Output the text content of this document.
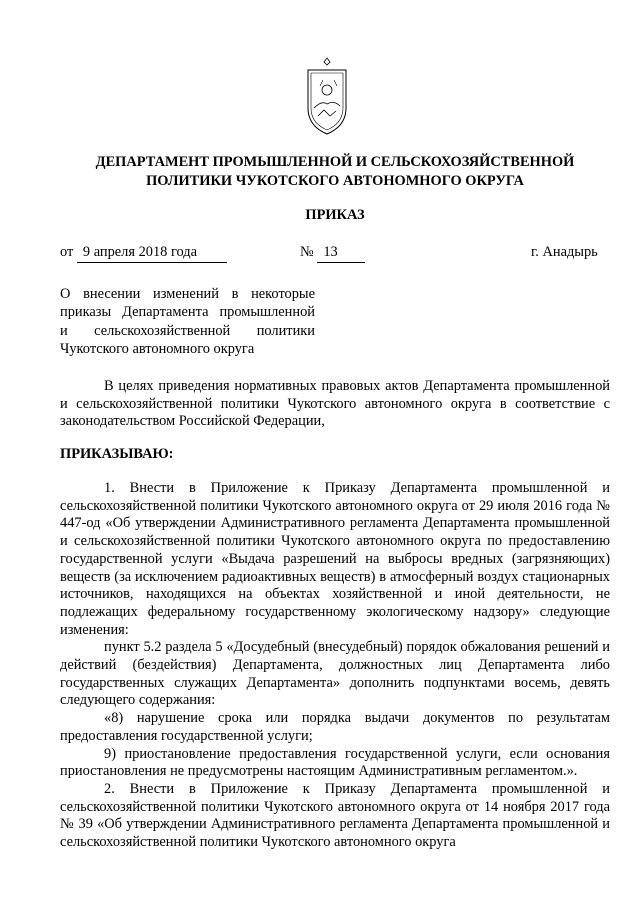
ДЕПАРТАМЕНТ ПРОМЫШЛЕННОЙ И СЕЛЬСКОХОЗЯЙСТВЕННОЙ
ПОЛИТИКИ ЧУКОТСКОГО АВТОНОМНОГО ОКРУГА
ПРИКАЗ
от 9 апреля 2018 года	№ 13	г. Анадырь
О внесении изменений в некоторые
приказы Департамента промышленной
и сельскохозяйственной политики
Чукотского автономного округа

В целях приведения нормативных правовых актов Департамента промышленной и сельскохозяйственной политики Чукотского автономного округа в соответствие с законодательством Российской Федерации,

ПРИКАЗЫВАЮ:

1. Внести в Приложение к Приказу Департамента промышленной и сельскохозяйственной политики Чукотского автономного округа от 29 июля 2016 года № 447-од «Об утверждении Административного регламента Департамента промышленной и сельскохозяйственной политики Чукотского автономного округа по предоставлению государственной услуги «Выдача разрешений на выбросы вредных (загрязняющих) веществ (за исключением радиоактивных веществ) в атмосферный воздух стационарных источников, находящихся на объектах хозяйственной и иной деятельности, не подлежащих федеральному государственному экологическому надзору» следующие изменения:

пункт 5.2 раздела 5 «Досудебный (внесудебный) порядок обжалования решений и действий (бездействия) Департамента, должностных лиц Департамента либо государственных служащих Департамента» дополнить подпунктами восемь, девять следующего содержания:

«8) нарушение срока или порядка выдачи документов по результатам предоставления государственной услуги;

9) приостановление предоставления государственной услуги, если основания приостановления не предусмотрены настоящим Административным регламентом.».

2. Внести в Приложение к Приказу Департамента промышленной и сельскохозяйственной политики Чукотского автономного округа от 14 ноября 2017 года № 39 «Об утверждении Административного регламента Департамента промышленной и сельскохозяйственной политики Чукотского автономного округа
